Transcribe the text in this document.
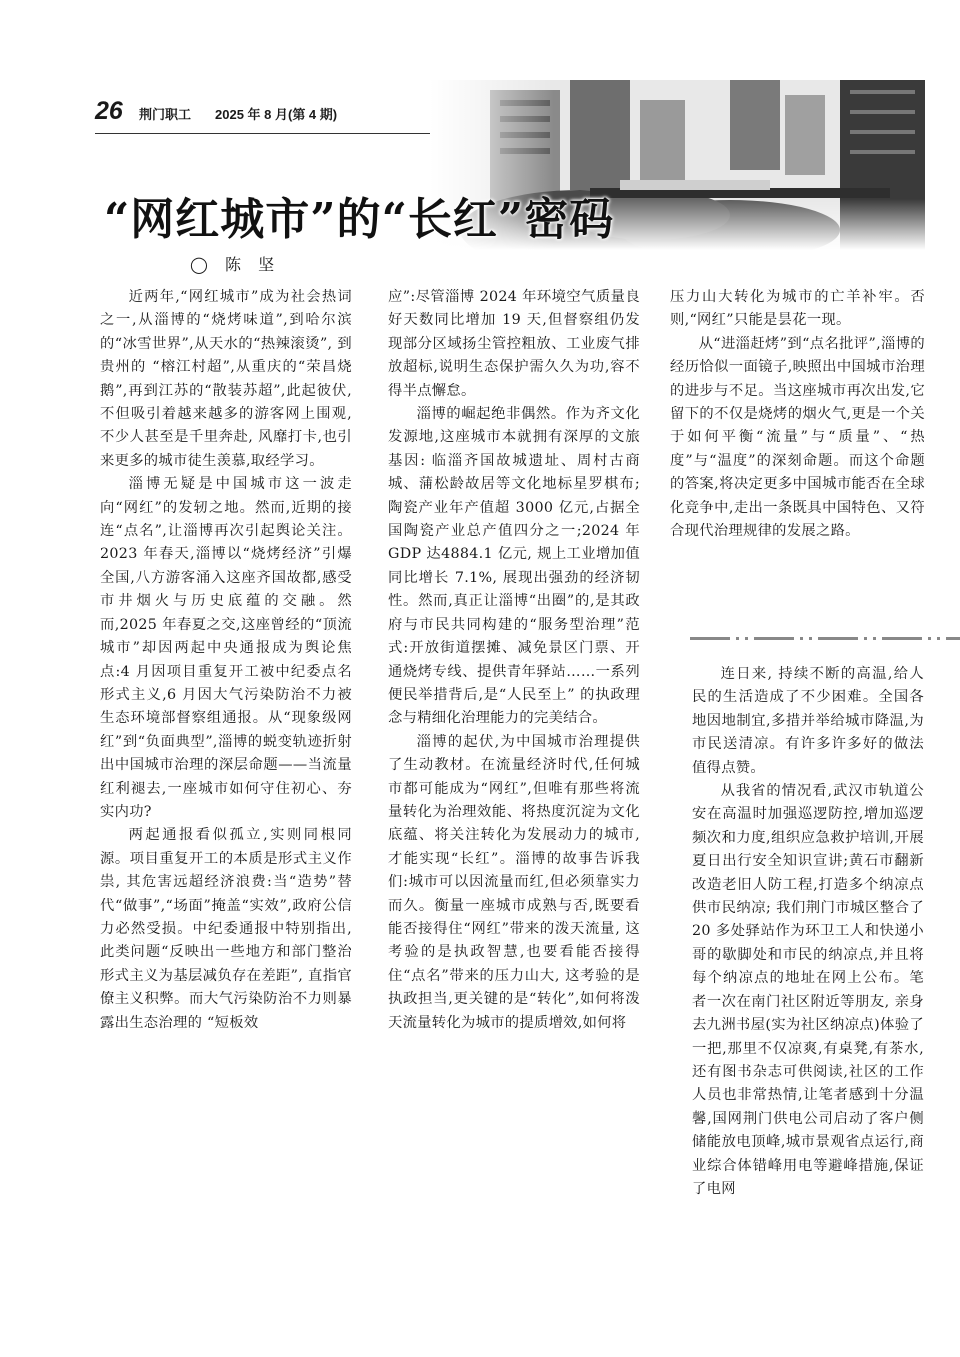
26 荆门职工 2025 年 8 月(第 4 期)
“网红城市”的“长红”密码
◯ 陈 坚

近两年,“网红城市”成为社会热词之一,从淄博的“烧烤味道”,到哈尔滨的“冰雪世界”,从天水的“热辣滚烫”, 到贵州的 “榕江村超”,从重庆的“荣昌烧鹅”,再到江苏的“散装苏超”,此起彼伏,不但吸引着越来越多的游客网上围观,不少人甚至是千里奔赴, 风靡打卡,也引来更多的城市徒生羡慕,取经学习。

淄博无疑是中国城市这一波走向“网红”的发轫之地。然而,近期的接连“点名”,让淄博再次引起舆论关注。2023 年春天,淄博以“烧烤经济”引爆全国,八方游客涌入这座齐国故都,感受市井烟火与历史底蕴的交融。然而,2025 年春夏之交,这座曾经的“顶流城市”却因两起中央通报成为舆论焦点:4 月因项目重复开工被中纪委点名形式主义,6 月因大气污染防治不力被生态环境部督察组通报。从“现象级网红”到“负面典型”,淄博的蜕变轨迹折射出中国城市治理的深层命题——当流量红利褪去,一座城市如何守住初心、夯实内功?

两起通报看似孤立,实则同根同源。项目重复开工的本质是形式主义作祟, 其危害远超经济浪费:当“造势”替代“做事”,“场面”掩盖“实效”,政府公信力必然受损。中纪委通报中特别指出, 此类问题“反映出一些地方和部门整治形式主义为基层减负存在差距”, 直指官僚主义积弊。而大气污染防治不力则暴露出生态治理的 “短板效

应”:尽管淄博 2024 年环境空气质量良好天数同比增加 19 天,但督察组仍发现部分区域扬尘管控粗放、工业废气排放超标,说明生态保护需久久为功,容不得半点懈怠。

淄博的崛起绝非偶然。作为齐文化发源地,这座城市本就拥有深厚的文旅基因: 临淄齐国故城遗址、周村古商城、蒲松龄故居等文化地标星罗棋布;陶瓷产业年产值超 3000 亿元,占据全国陶瓷产业总产值四分之一;2024 年 GDP 达4884.1 亿元, 规上工业增加值同比增长 7.1%, 展现出强劲的经济韧性。然而,真正让淄博“出圈”的,是其政府与市民共同构建的“服务型治理”范式:开放街道摆摊、减免景区门票、开通烧烤专线、提供青年驿站……一系列便民举措背后,是“人民至上” 的执政理念与精细化治理能力的完美结合。

淄博的起伏,为中国城市治理提供了生动教材。在流量经济时代,任何城市都可能成为“网红”,但唯有那些将流量转化为治理效能、将热度沉淀为文化底蕴、将关注转化为发展动力的城市,才能实现“长红”。淄博的故事告诉我们:城市可以因流量而红,但必须靠实力而久。衡量一座城市成熟与否,既要看能否接得住“网红”带来的泼天流量, 这考验的是执政智慧,也要看能否接得住“点名”带来的压力山大, 这考验的是执政担当,更关键的是“转化”,如何将泼天流量转化为城市的提质增效,如何将

压力山大转化为城市的亡羊补牢。否则,“网红”只能是昙花一现。

从“进淄赶烤”到“点名批评”,淄博的经历恰似一面镜子,映照出中国城市治理的进步与不足。当这座城市再次出发,它留下的不仅是烧烤的烟火气,更是一个关于如何平衡“流量”与“质量”、“热度”与“温度”的深刻命题。而这个命题的答案,将决定更多中国城市能否在全球化竞争中,走出一条既具中国特色、又符合现代治理规律的发展之路。

连日来, 持续不断的高温,给人民的生活造成了不少困难。全国各地因地制宜,多措并举给城市降温,为市民送清凉。有许多许多好的做法值得点赞。

从我省的情况看,武汉市轨道公安在高温时加强巡逻防控,增加巡逻频次和力度,组织应急救护培训,开展夏日出行安全知识宣讲;黄石市翻新改造老旧人防工程,打造多个纳凉点供市民纳凉; 我们荆门市城区整合了20 多处驿站作为环卫工人和快递小哥的歇脚处和市民的纳凉点,并且将每个纳凉点的地址在网上公布。笔者一次在南门社区附近等朋友, 亲身去九洲书屋(实为社区纳凉点)体验了一把,那里不仅凉爽,有桌凳,有茶水,还有图书杂志可供阅读,社区的工作人员也非常热情,让笔者感到十分温馨,国网荆门供电公司启动了客户侧储能放电顶峰,城市景观省点运行,商业综合体错峰用电等避峰措施,保证了电网
